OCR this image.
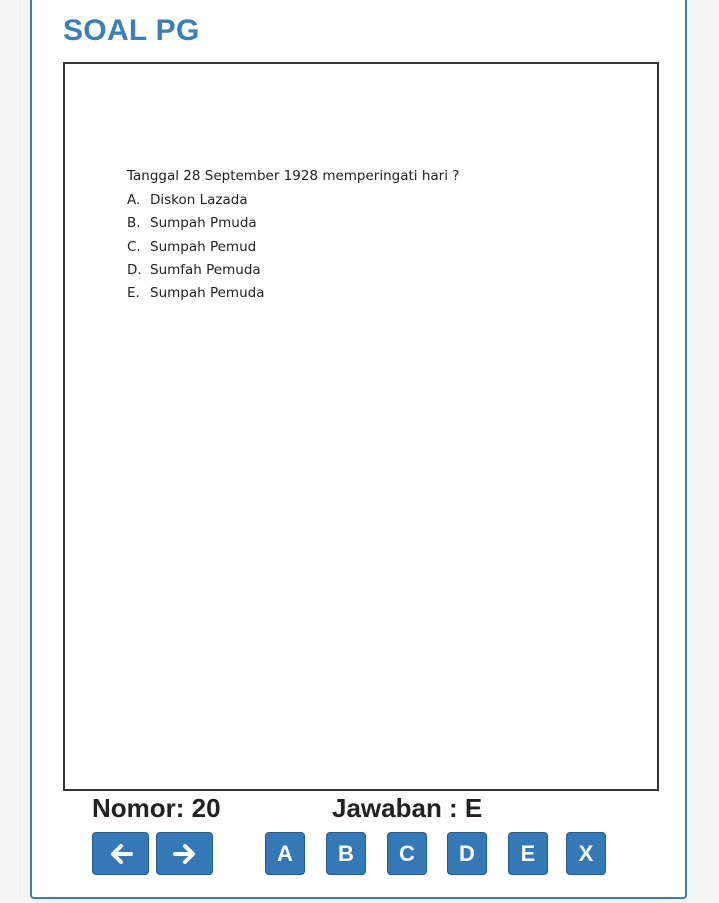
SOAL PG
Tanggal 28 September 1928 memperingati hari ?
A. Diskon Lazada
B. Sumpah Pmuda
C. Sumpah Pemud
D. Sumfah Pemuda
E. Sumpah Pemuda
Nomor: 20	Jawaban : E
A	B	C	D	E	X
